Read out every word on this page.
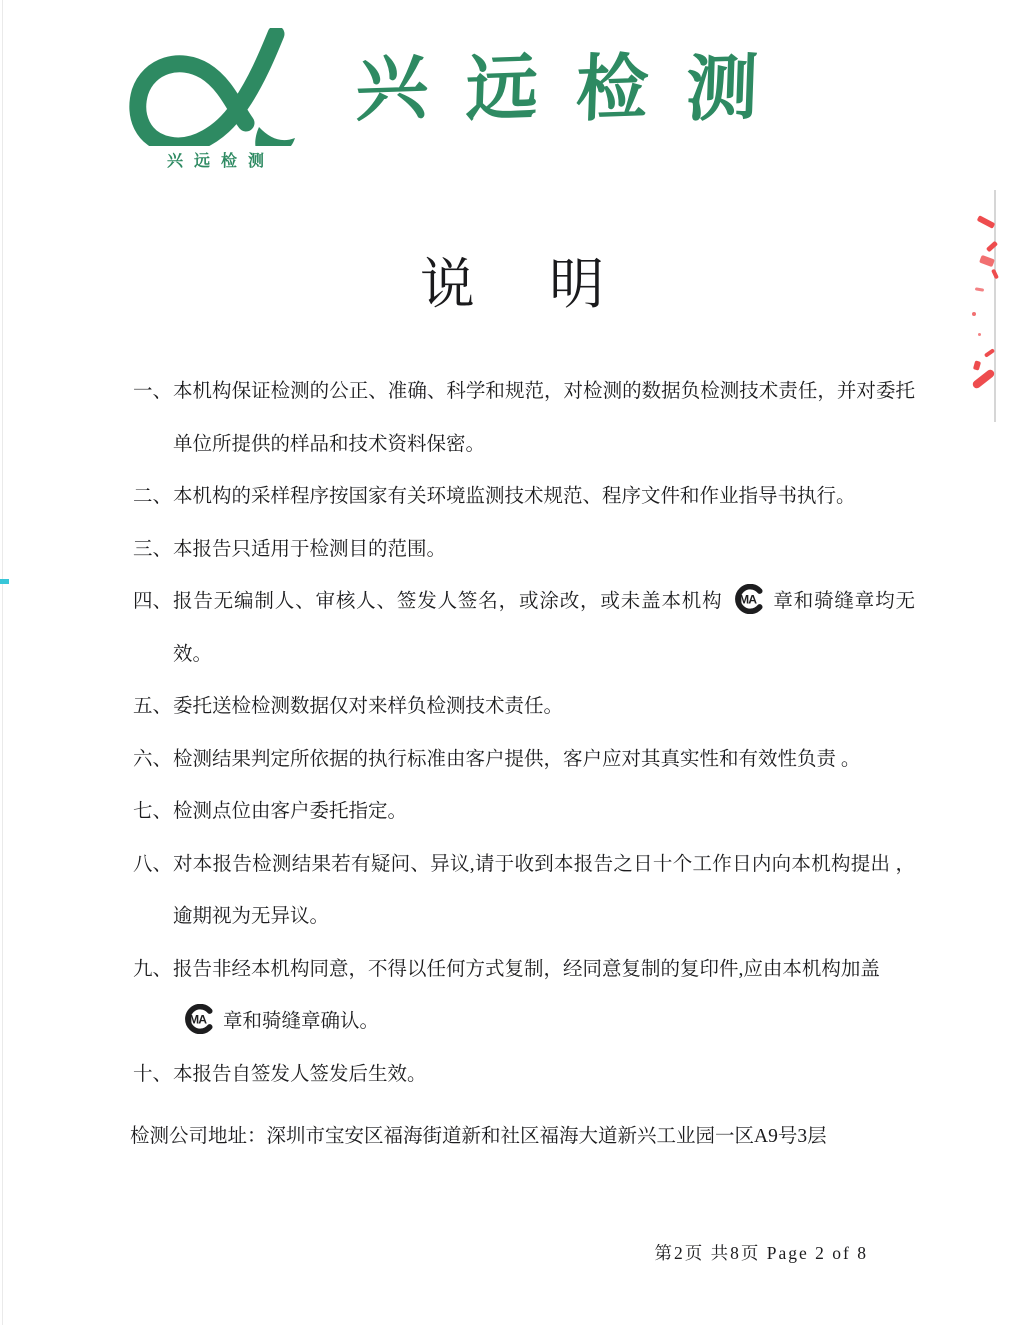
兴远检测
兴 远 检 测
说明
一、 本机构保证检测的公正、准确、科学和规范，对检测的数据负检测技术责任，并对委托单位所提供的样品和技术资料保密。
二、 本机构的采样程序按国家有关环境监测技术规范、程序文件和作业指导书执行。
三、 本报告只适用于检测目的范围。
四、 报告无编制人、审核人、签发人签名，或涂改，或未盖本机构 MA 章和骑缝章均无效。
五、 委托送检检测数据仅对来样负检测技术责任。
六、 检测结果判定所依据的执行标准由客户提供，客户应对其真实性和有效性负责 。
七、 检测点位由客户委托指定。
八、 对本报告检测结果若有疑问、异议,请于收到本报告之日十个工作日内向本机构提出 ，逾期视为无异议。
九、 报告非经本机构同意，不得以任何方式复制，经同意复制的复印件,应由本机构加盖

MA 章和骑缝章确认。
十、 本报告自签发人签发后生效。
检测公司地址：深圳市宝安区福海街道新和社区福海大道新兴工业园一区A9号3层
第2页 共8页 Page 2 of 8
